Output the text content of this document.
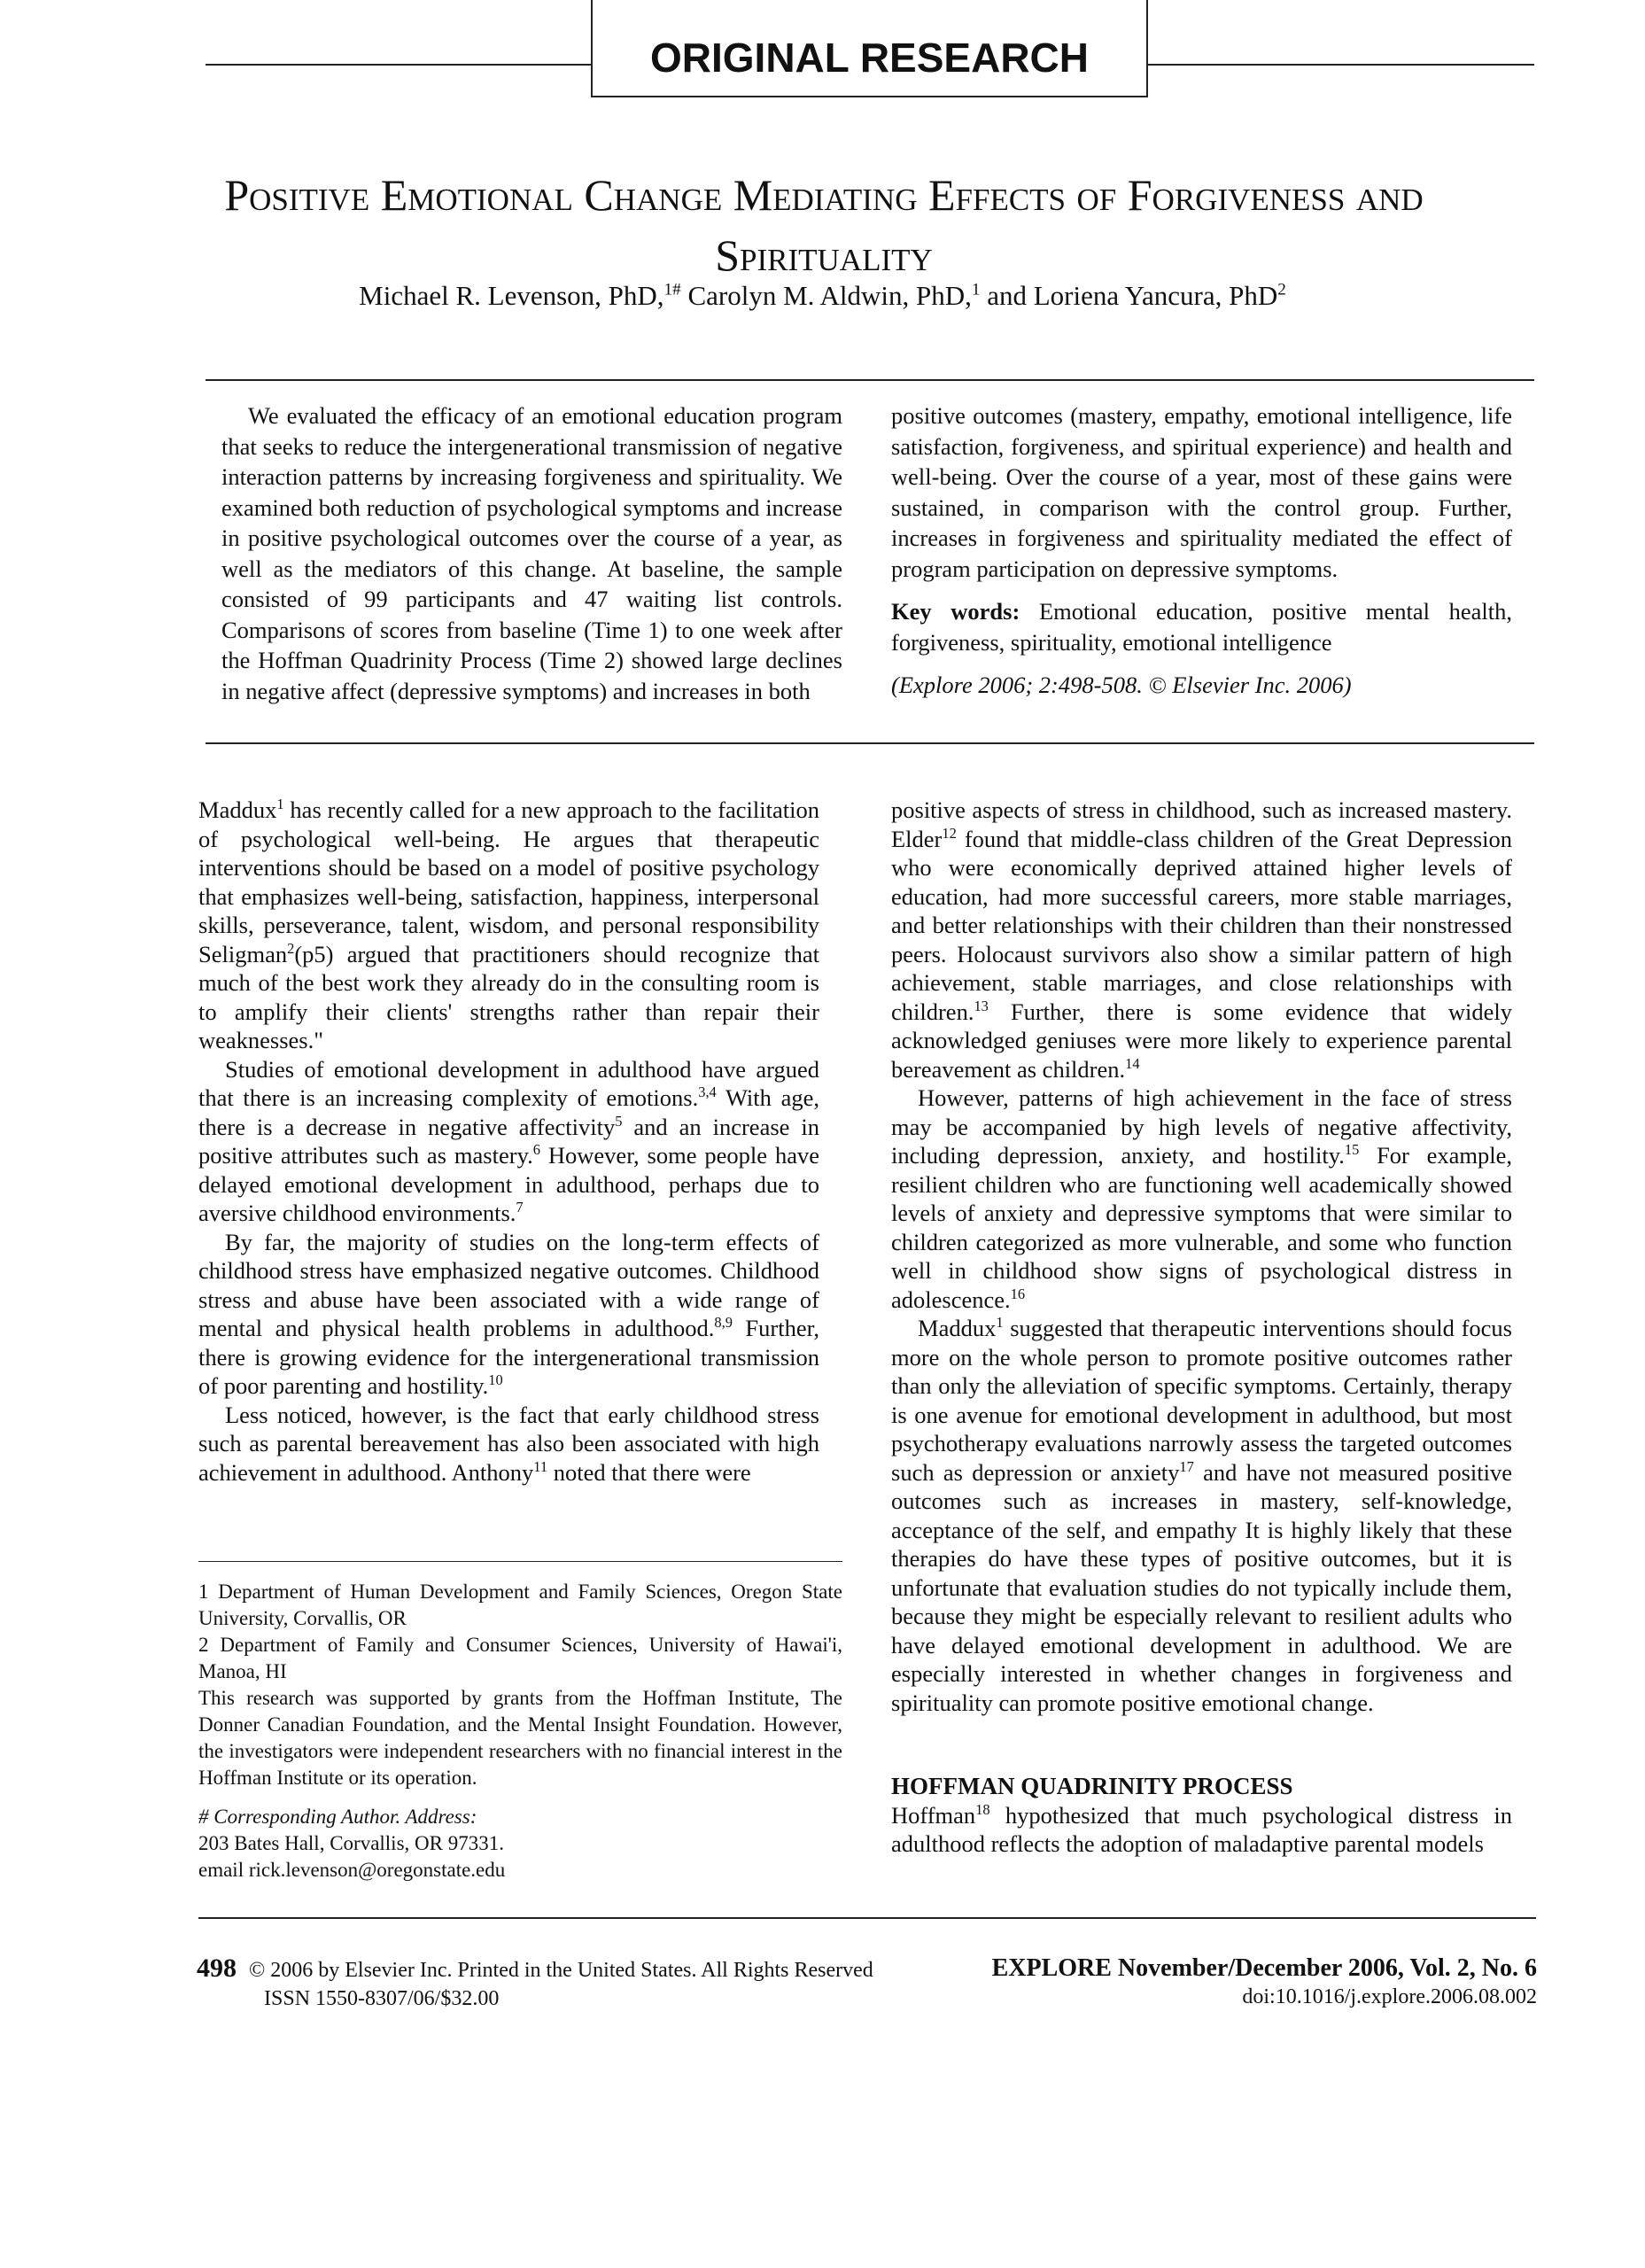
ORIGINAL RESEARCH
Positive Emotional Change Mediating Effects of Forgiveness and
Spirituality
Michael R. Levenson, PhD,$^{1\#}$ Carolyn M. Aldwin, PhD,$^1$ and Loriena Yancura, PhD$^2$

We evaluated the efficacy of an emotional education program that seeks to reduce the intergenerational transmission of negative interaction patterns by increasing forgiveness and spirituality. We examined both reduction of psychological symptoms and increase in positive psychological outcomes over the course of a year, as well as the mediators of this change. At baseline, the sample consisted of 99 participants and 47 waiting list controls. Comparisons of scores from baseline (Time 1) to one week after the Hoffman Quadrinity Process (Time 2) showed large declines in negative affect (depressive symptoms) and increases in both

positive outcomes (mastery, empathy, emotional intelligence, life satisfaction, forgiveness, and spiritual experience) and health and well-being. Over the course of a year, most of these gains were sustained, in comparison with the control group. Further, increases in forgiveness and spirituality mediated the effect of program participation on depressive symptoms.

Key words: Emotional education, positive mental health, forgiveness, spirituality, emotional intelligence

(Explore 2006; 2:498-508. © Elsevier Inc. 2006)

Maddux$^1$ has recently called for a new approach to the facilitation of psychological well-being. He argues that therapeutic interventions should be based on a model of positive psychology that emphasizes well-being, satisfaction, happiness, interpersonal skills, perseverance, talent, wisdom, and personal responsibility Seligman$^2$(p5) argued that practitioners should recognize that much of the best work they already do in the consulting room is to amplify their clients' strengths rather than repair their weaknesses."

Studies of emotional development in adulthood have argued that there is an increasing complexity of emotions.$^{3,4}$ With age, there is a decrease in negative affectivity$^5$ and an increase in positive attributes such as mastery.$^6$ However, some people have delayed emotional development in adulthood, perhaps due to aversive childhood environments.$^7$

By far, the majority of studies on the long-term effects of childhood stress have emphasized negative outcomes. Childhood stress and abuse have been associated with a wide range of mental and physical health problems in adulthood.$^{8,9}$ Further, there is growing evidence for the intergenerational transmission of poor parenting and hostility.$^{10}$

Less noticed, however, is the fact that early childhood stress such as parental bereavement has also been associated with high achievement in adulthood. Anthony$^{11}$ noted that there were

1 Department of Human Development and Family Sciences, Oregon State University, Corvallis, OR

2 Department of Family and Consumer Sciences, University of Hawai'i, Manoa, HI

This research was supported by grants from the Hoffman Institute, The Donner Canadian Foundation, and the Mental Insight Foundation. However, the investigators were independent researchers with no financial interest in the Hoffman Institute or its operation.

# Corresponding Author. Address:

203 Bates Hall, Corvallis, OR 97331.

email rick.levenson@oregonstate.edu

positive aspects of stress in childhood, such as increased mastery. Elder$^{12}$ found that middle-class children of the Great Depression who were economically deprived attained higher levels of education, had more successful careers, more stable marriages, and better relationships with their children than their nonstressed peers. Holocaust survivors also show a similar pattern of high achievement, stable marriages, and close relationships with children.$^{13}$ Further, there is some evidence that widely acknowledged geniuses were more likely to experience parental bereavement as children.$^{14}$

However, patterns of high achievement in the face of stress may be accompanied by high levels of negative affectivity, including depression, anxiety, and hostility.$^{15}$ For example, resilient children who are functioning well academically showed levels of anxiety and depressive symptoms that were similar to children categorized as more vulnerable, and some who function well in childhood show signs of psychological distress in adolescence.$^{16}$

Maddux$^1$ suggested that therapeutic interventions should focus more on the whole person to promote positive outcomes rather than only the alleviation of specific symptoms. Certainly, therapy is one avenue for emotional development in adulthood, but most psychotherapy evaluations narrowly assess the targeted outcomes such as depression or anxiety$^{17}$ and have not measured positive outcomes such as increases in mastery, self-knowledge, acceptance of the self, and empathy It is highly likely that these therapies do have these types of positive outcomes, but it is unfortunate that evaluation studies do not typically include them, because they might be especially relevant to resilient adults who have delayed emotional development in adulthood. We are especially interested in whether changes in forgiveness and spirituality can promote positive emotional change.

HOFFMAN QUADRINITY PROCESS

Hoffman$^{18}$ hypothesized that much psychological distress in adulthood reflects the adoption of maladaptive parental models

498 © 2006 by Elsevier Inc. Printed in the United States. All Rights Reserved
ISSN 1550-8307/06/$32.00
EXPLORE November/December 2006, Vol. 2, No. 6
doi:10.1016/j.explore.2006.08.002
